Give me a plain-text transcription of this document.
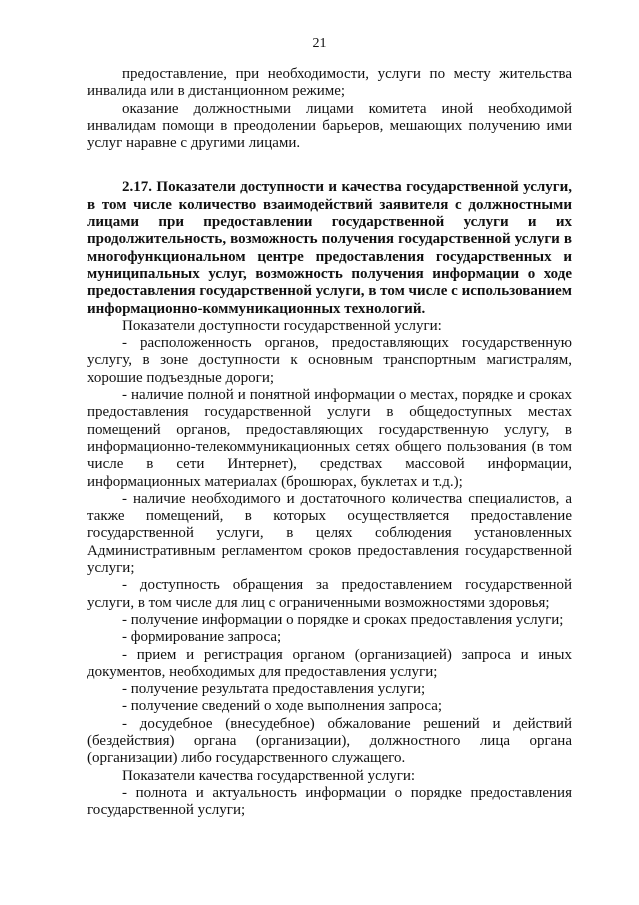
21

предоставление, при необходимости, услуги по месту жительства инвалида или в дистанционном режиме;

оказание должностными лицами комитета иной необходимой инвалидам помощи в преодолении барьеров, мешающих получению ими услуг наравне с другими лицами.

2.17. Показатели доступности и качества государственной услуги, в том числе количество взаимодействий заявителя с должностными лицами при предоставлении государственной услуги и их продолжительность, возможность получения государственной услуги в многофункциональном центре предоставления государственных и муниципальных услуг, возможность получения информации о ходе предоставления государственной услуги, в том числе с использованием информационно-коммуникационных технологий.

Показатели доступности государственной услуги:

- расположенность органов, предоставляющих государственную услугу, в зоне доступности к основным транспортным магистралям, хорошие подъездные дороги;

- наличие полной и понятной информации о местах, порядке и сроках предоставления государственной услуги в общедоступных местах помещений органов, предоставляющих государственную услугу, в информационно-телекоммуникационных сетях общего пользования (в том числе в сети Интернет), средствах массовой информации, информационных материалах (брошюрах, буклетах и т.д.);

- наличие необходимого и достаточного количества специалистов, а также помещений, в которых осуществляется предоставление государственной услуги, в целях соблюдения установленных Административным регламентом сроков предоставления государственной услуги;

- доступность обращения за предоставлением государственной услуги, в том числе для лиц с ограниченными возможностями здоровья;

- получение информации о порядке и сроках предоставления услуги;

- формирование запроса;

- прием и регистрация органом (организацией) запроса и иных документов, необходимых для предоставления услуги;

- получение результата предоставления услуги;

- получение сведений о ходе выполнения запроса;

- досудебное (внесудебное) обжалование решений и действий (бездействия) органа (организации), должностного лица органа (организации) либо государственного служащего.

Показатели качества государственной услуги:

- полнота и актуальность информации о порядке предоставления государственной услуги;
